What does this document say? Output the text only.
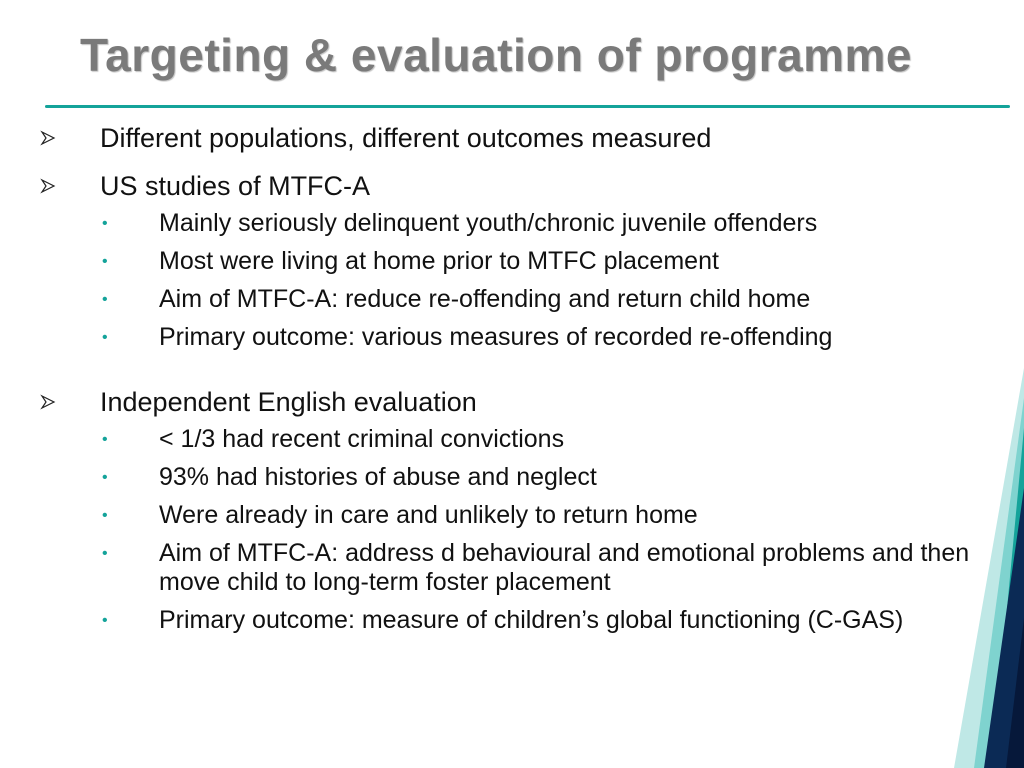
Targeting & evaluation of programme
Different populations, different outcomes measured
US studies of MTFC-A
• Mainly seriously delinquent youth/chronic juvenile offenders
• Most were living at home prior to MTFC placement
• Aim of MTFC-A: reduce re-offending and return child home
• Primary outcome: various measures of recorded re-offending
Independent English evaluation
• < 1/3 had recent criminal convictions
• 93% had histories of abuse and neglect
• Were already in care and unlikely to return home
• Aim of MTFC-A: address d behavioural and emotional problems and then move child to long-term foster placement
• Primary outcome: measure of children’s global functioning (C-GAS)
